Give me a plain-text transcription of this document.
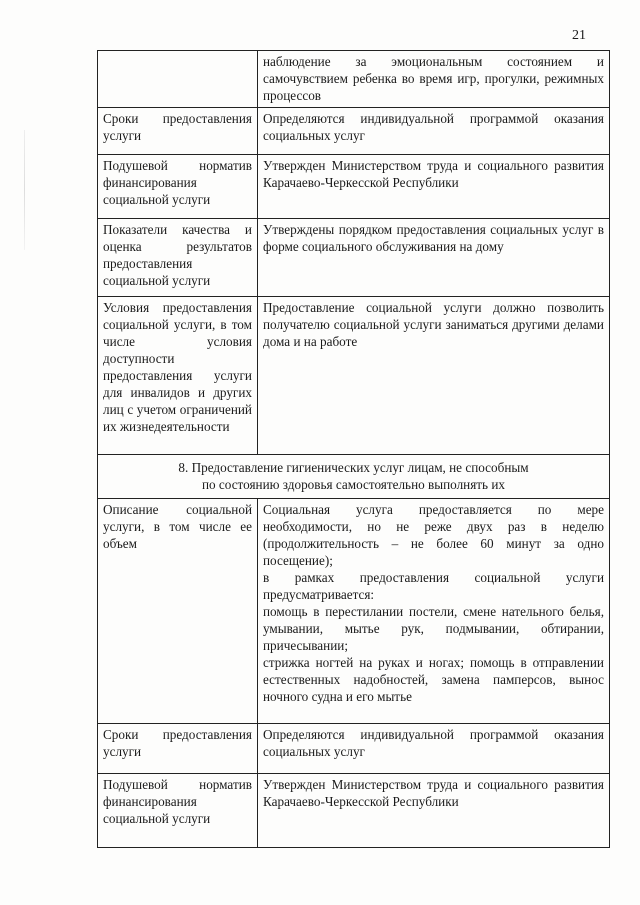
21

	наблюдение за эмоциональным состоянием и самочувствием ребенка во время игр, прогулки, режимных процессов

Сроки предоставления услуги	Определяются индивидуальной программой оказания социальных услуг

Подушевой норматив финансирования социальной услуги	Утвержден Министерством труда и социального развития Карачаево-Черкесской Республики

Показатели качества и оценка результатов предоставления социальной услуги	Утверждены порядком предоставления социальных услуг в форме социального обслуживания на дому

Условия предоставления социальной услуги, в том числе условия доступности предоставления услуги для инвалидов и других лиц с учетом ограничений их жизнедеятельности	Предоставление социальной услуги должно позволить получателю социальной услуги заниматься другими делами дома и на работе

8. Предоставление гигиенических услуг лицам, не способным
по состоянию здоровья самостоятельно выполнять их	

Описание социальной услуги, в том числе ее объем	Социальная услуга предоставляется по мере необходимости, но не реже двух раз в неделю (продолжительность – не более 60 минут за одно посещение);
в рамках предоставления социальной услуги предусматривается:
помощь в перестилании постели, смене нательного белья, умывании, мытье рук, подмывании, обтирании, причесывании;
стрижка ногтей на руках и ногах; помощь в отправлении естественных надобностей, замена памперсов, вынос ночного судна и его мытье

Сроки предоставления услуги	Определяются индивидуальной программой оказания социальных услуг

Подушевой норматив финансирования социальной услуги	Утвержден Министерством труда и социального развития Карачаево-Черкесской Республики
